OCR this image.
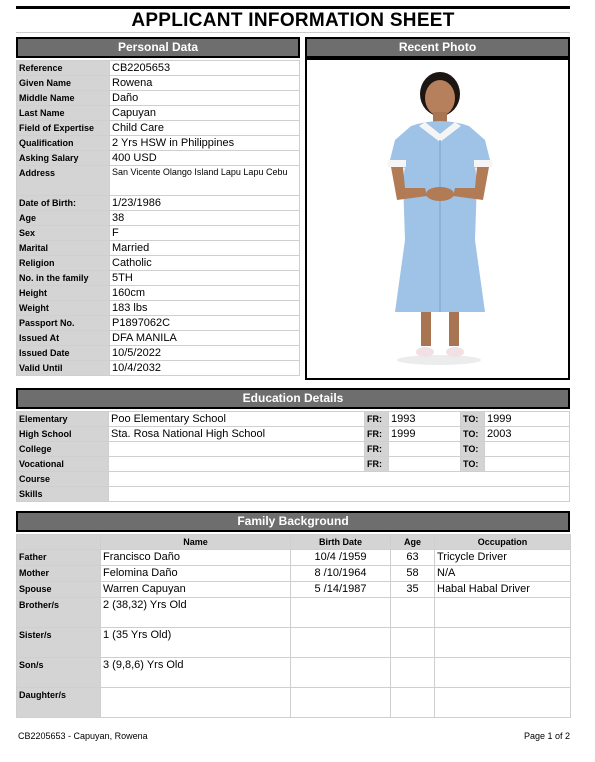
APPLICANT INFORMATION SHEET
Personal Data
Reference	CB2205653
Given Name	Rowena
Middle Name	Daño
Last Name	Capuyan
Field of Expertise	Child Care
Qualification	2 Yrs HSW in Philippines
Asking Salary	400 USD
Address	San Vicente Olango Island Lapu Lapu Cebu
Date of Birth:	1/23/1986
Age	38
Sex	F
Marital	Married
Religion	Catholic
No. in the family	5TH
Height	160cm
Weight	183 lbs
Passport No.	P1897062C
Issued At	DFA MANILA
Issued Date	10/5/2022
Valid Until	10/4/2032
Recent Photo
Education Details
Elementary	Poo Elementary School	FR:	1993	TO:	1999
High School	Sta. Rosa National High School	FR:	1999	TO:	2003
College		FR:		TO:	
Vocational		FR:		TO:	
Course					
Skills					
Family Background
	Name	Birth Date	Age	Occupation
Father	Francisco Daño	10/4 /1959	63	Tricycle Driver
Mother	Felomina Daño	8 /10/1964	58	N/A
Spouse	Warren Capuyan	5 /14/1987	35	Habal Habal Driver
Brother/s	2 (38,32) Yrs Old			
Sister/s	1 (35 Yrs Old)			
Son/s	3 (9,8,6) Yrs Old			
Daughter/s				
CB2205653 - Capuyan, Rowena	Page 1 of 2
